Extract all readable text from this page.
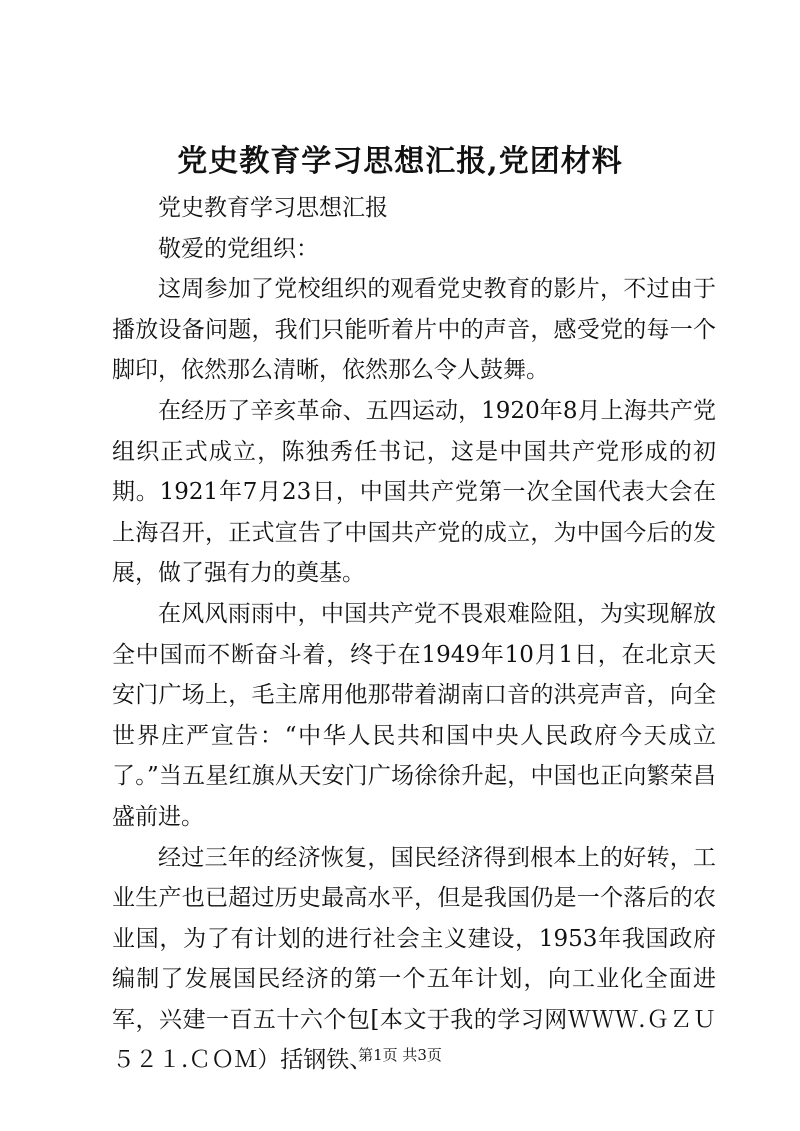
党史教育学习思想汇报,党团材料

党史教育学习思想汇报

敬爱的党组织：

这周参加了党校组织的观看党史教育的影片，不过由于播放设备问题，我们只能听着片中的声音，感受党的每一个脚印，依然那么清晰，依然那么令人鼓舞。

在经历了辛亥革命、五四运动，1920年8月上海共产党组织正式成立，陈独秀任书记，这是中国共产党形成的初期。1921年7月23日，中国共产党第一次全国代表大会在上海召开，正式宣告了中国共产党的成立，为中国今后的发展，做了强有力的奠基。

在风风雨雨中，中国共产党不畏艰难险阻，为实现解放全中国而不断奋斗着，终于在1949年10月1日，在北京天安门广场上，毛主席用他那带着湖南口音的洪亮声音，向全世界庄严宣告：“中华人民共和国中央人民政府今天成立了。”当五星红旗从天安门广场徐徐升起，中国也正向繁荣昌盛前进。

经过三年的经济恢复，国民经济得到根本上的好转，工业生产也已超过历史最高水平，但是我国仍是一个落后的农业国，为了有计划的进行社会主义建设，1953年我国政府编制了发展国民经济的第一个五年计划，向工业化全面进军，兴建一百五十六个包[本文于我的学习网ＷＷＷ.ＧＺＵ５２１.ＣＯＭ）括钢铁、

第1页 共3页
